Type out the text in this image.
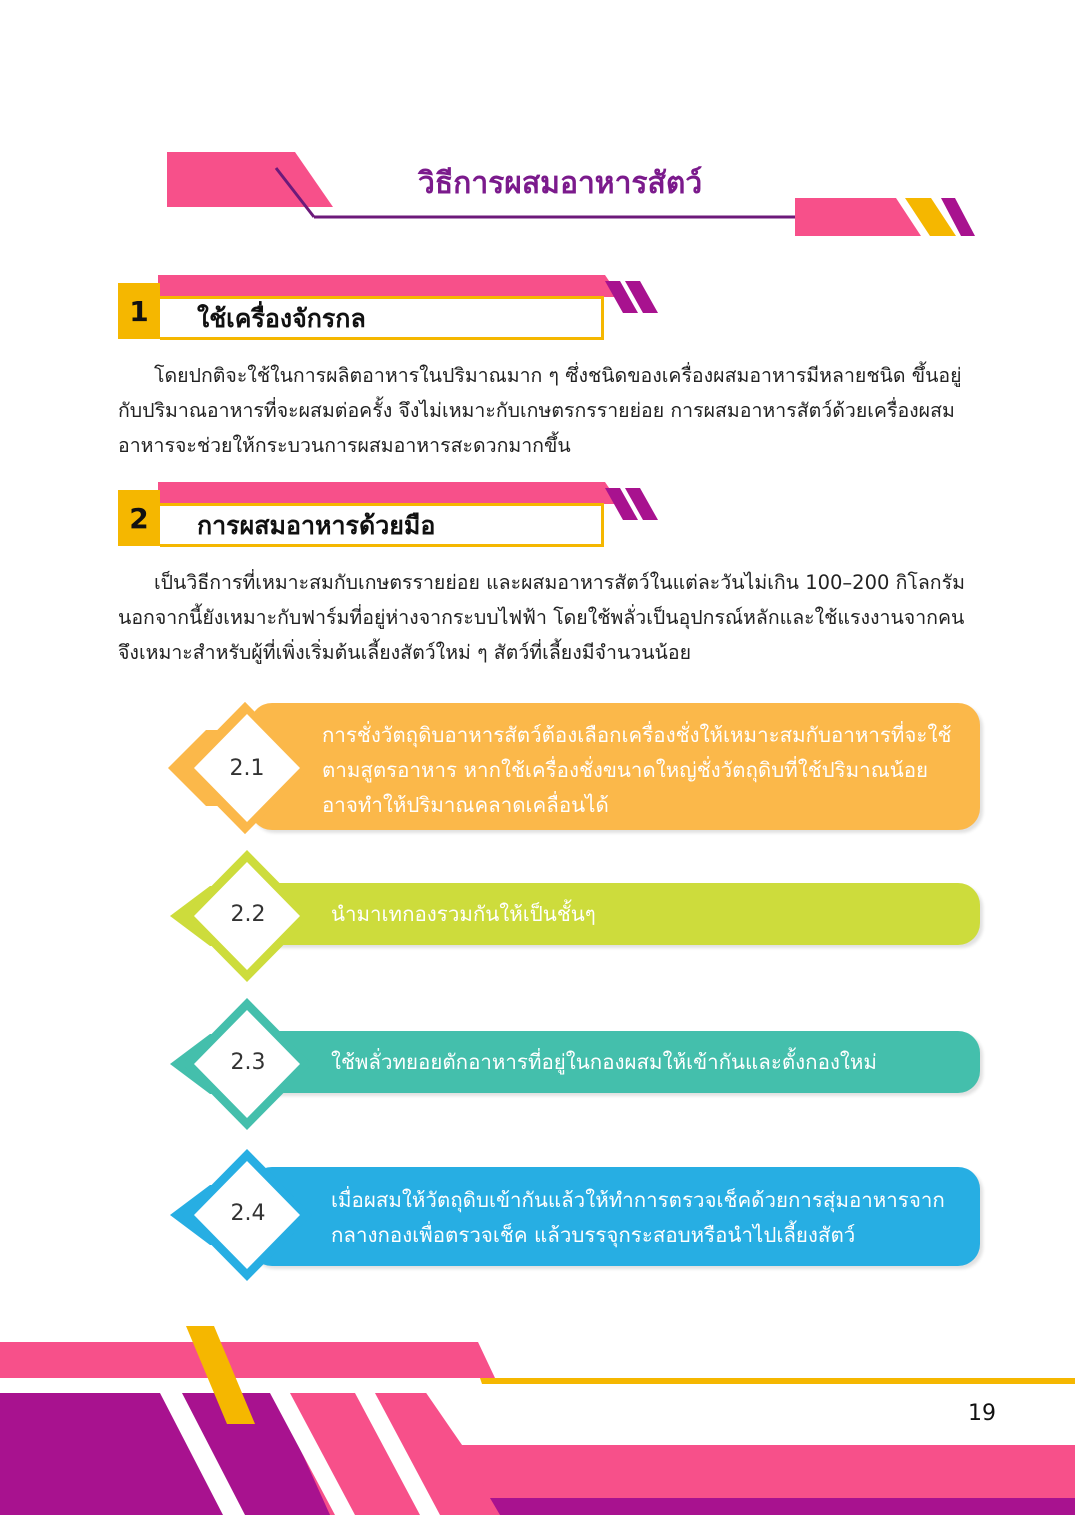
วิธีการผสมอาหารสัตว์
1	ใช้เครื่องจักรกล
โดยปกติจะใช้ในการผลิตอาหารในปริมาณมาก ๆ ซึ่งชนิดของเครื่องผสมอาหารมีหลายชนิด ขึ้นอยู่กับปริมาณอาหารที่จะผสมต่อครั้ง จึงไม่เหมาะกับเกษตรกรรายย่อย การผสมอาหารสัตว์ด้วยเครื่องผสมอาหารจะช่วยให้กระบวนการผสมอาหารสะดวกมากขึ้น
2	การผสมอาหารด้วยมือ
เป็นวิธีการที่เหมาะสมกับเกษตรรายย่อย และผสมอาหารสัตว์ในแต่ละวันไม่เกิน 100–200 กิโลกรัม นอกจากนี้ยังเหมาะกับฟาร์มที่อยู่ห่างจากระบบไฟฟ้า โดยใช้พลั่วเป็นอุปกรณ์หลักและใช้แรงงานจากคน จึงเหมาะสำหรับผู้ที่เพิ่งเริ่มต้นเลี้ยงสัตว์ใหม่ ๆ สัตว์ที่เลี้ยงมีจำนวนน้อย
2.1
การชั่งวัตถุดิบอาหารสัตว์ต้องเลือกเครื่องชั่งให้เหมาะสมกับอาหารที่จะใช้ตามสูตรอาหาร หากใช้เครื่องชั่งขนาดใหญ่ชั่งวัตถุดิบที่ใช้ปริมาณน้อย อาจทำให้ปริมาณคลาดเคลื่อนได้
2.2	นำมาเทกองรวมกันให้เป็นชั้นๆ
2.3	ใช้พลั่วทยอยตักอาหารที่อยู่ในกองผสมให้เข้ากันและตั้งกองใหม่
2.4
เมื่อผสมให้วัตถุดิบเข้ากันแล้วให้ทำการตรวจเช็คด้วยการสุ่มอาหารจากกลางกองเพื่อตรวจเช็ค แล้วบรรจุกระสอบหรือนำไปเลี้ยงสัตว์
19
